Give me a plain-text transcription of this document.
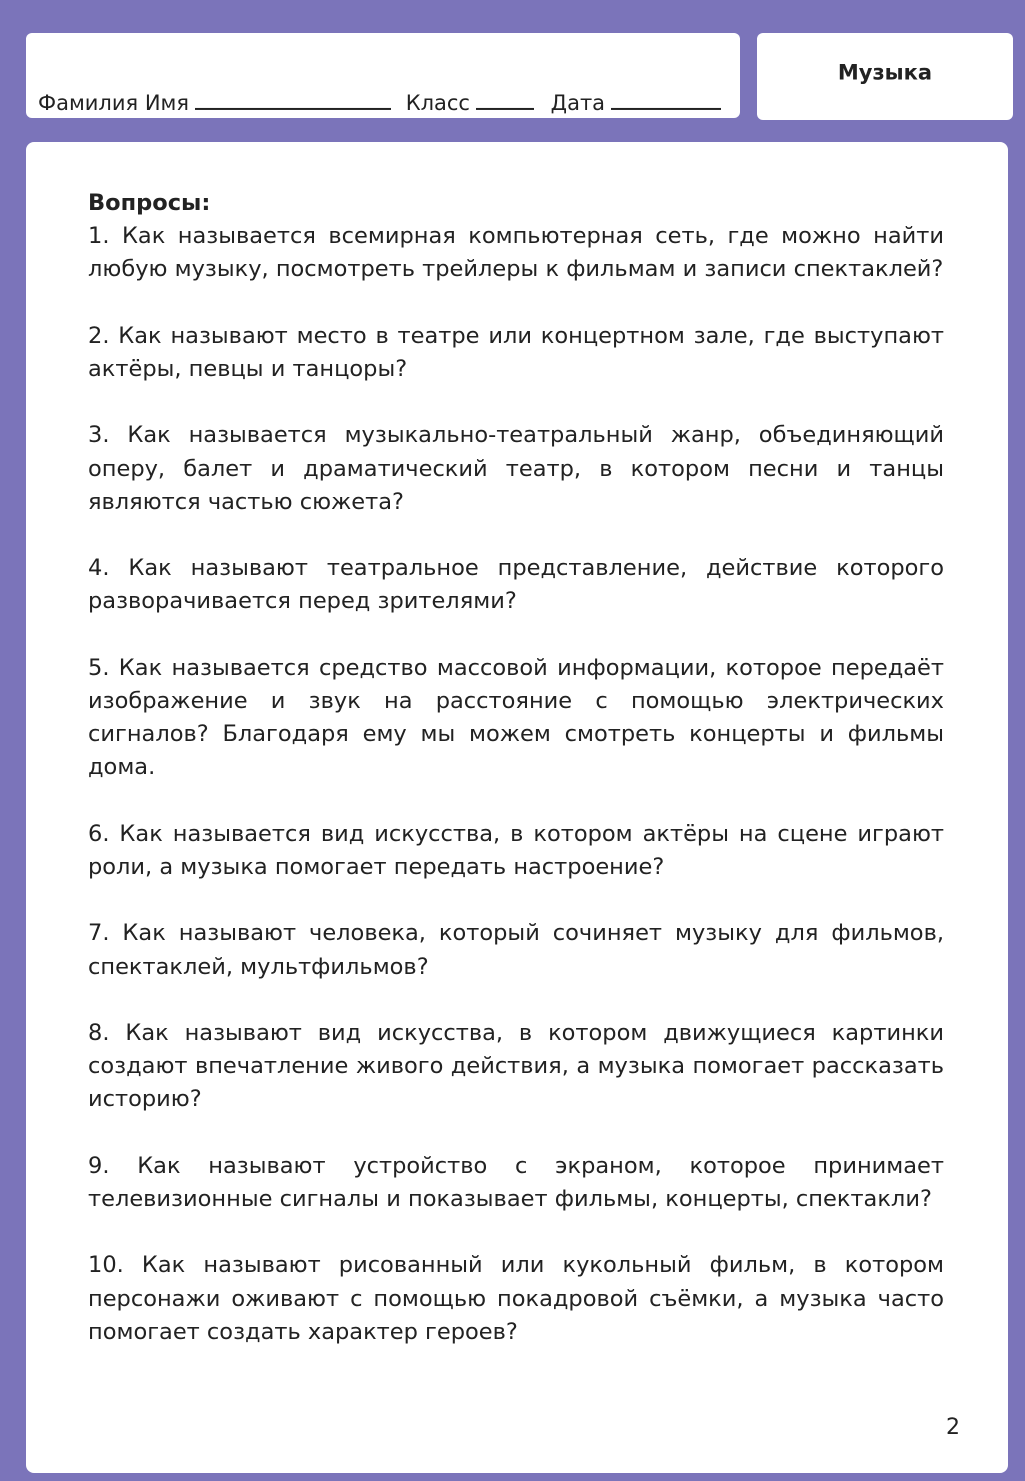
Фамилия Имя	Класс	Дата
Музыка

Вопросы:

1. Как называется всемирная компьютерная сеть, где можно найти любую музыку, посмотреть трейлеры к фильмам и записи спектаклей?

2. Как называют место в театре или концертном зале, где выступают актёры, певцы и танцоры?

3. Как называется музыкально-театральный жанр, объединяющий оперу, балет и драматический театр, в котором песни и танцы являются частью сюжета?

4. Как называют театральное представление, действие которого разворачивается перед зрителями?

5. Как называется средство массовой информации, которое передаёт изображение и звук на расстояние с помощью электрических сигналов? Благодаря ему мы можем смотреть концерты и фильмы дома.

6. Как называется вид искусства, в котором актёры на сцене играют роли, а музыка помогает передать настроение?

7. Как называют человека, который сочиняет музыку для фильмов, спектаклей, мультфильмов?

8. Как называют вид искусства, в котором движущиеся картинки создают впечатление живого действия, а музыка помогает рассказать историю?

9. Как называют устройство с экраном, которое принимает телевизионные сигналы и показывает фильмы, концерты, спектакли?

10. Как называют рисованный или кукольный фильм, в котором персонажи оживают с помощью покадровой съёмки, а музыка часто помогает создать характер героев?

2
